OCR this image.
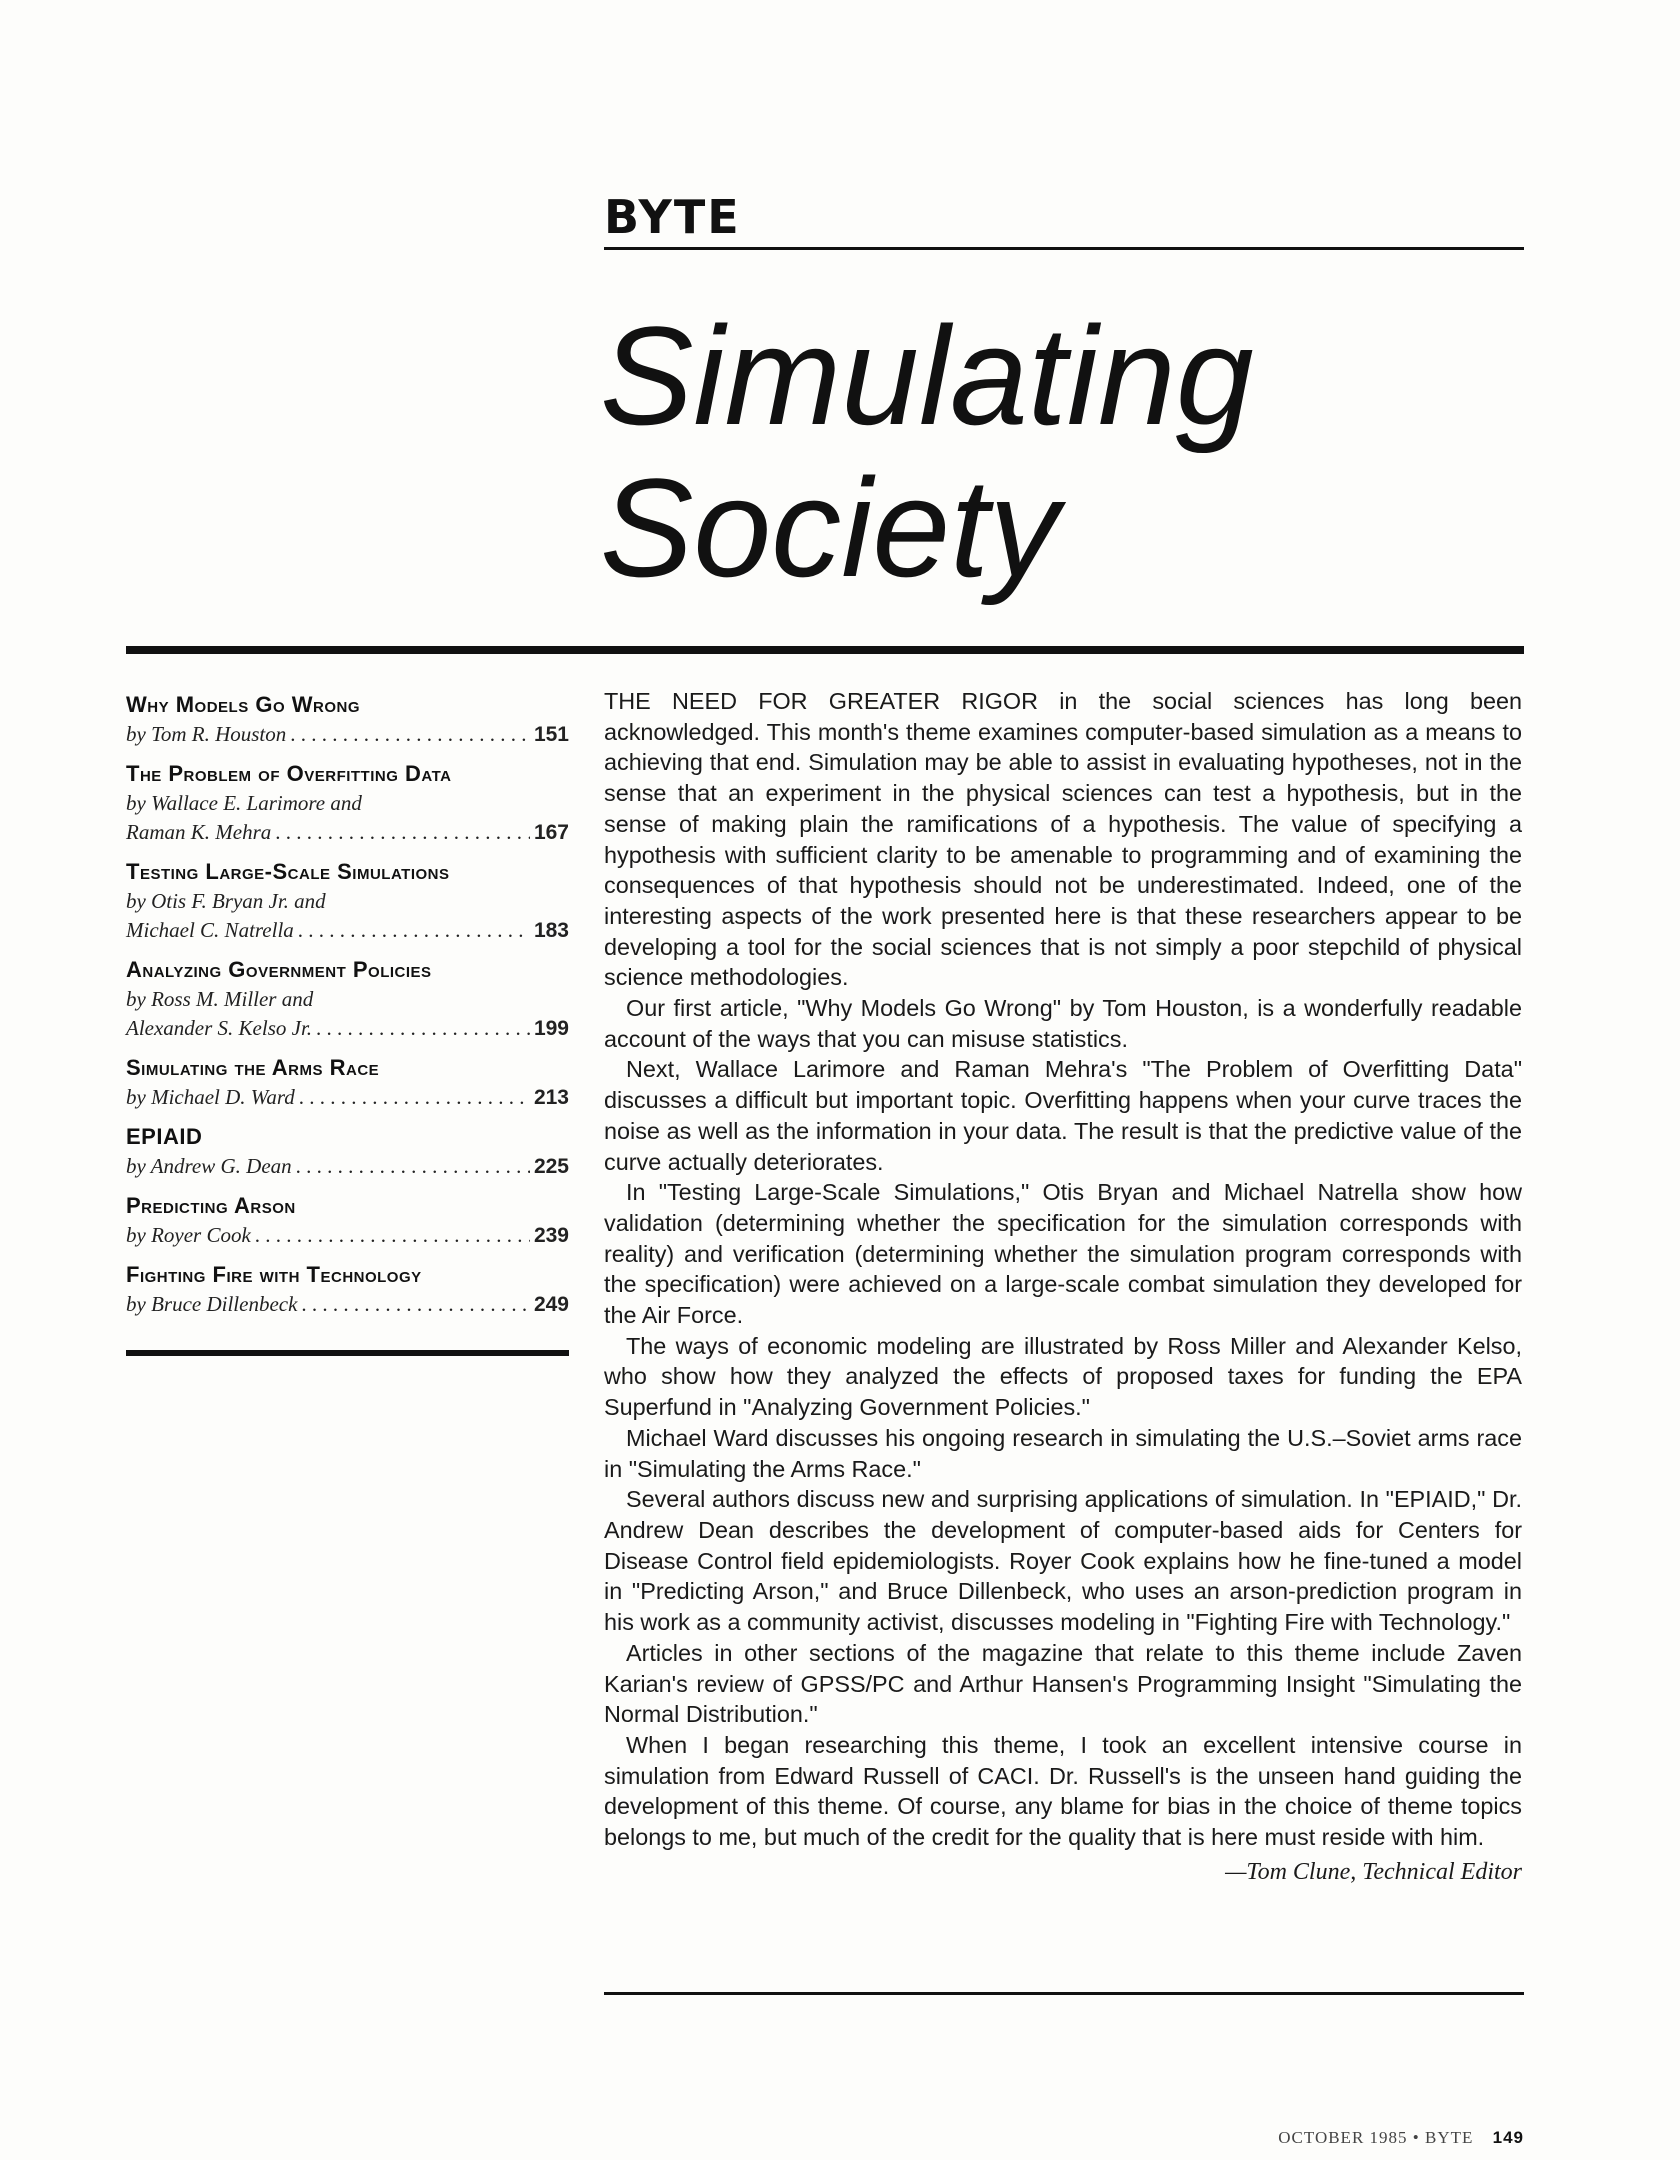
BYTE
Simulating
Society
Why Models Go Wrong
by Tom R. Houston . . .	151
The Problem of Overfitting Data
by Wallace E. Larimore and
Raman K. Mehra . . .	167
Testing Large-Scale Simulations
by Otis F. Bryan Jr. and
Michael C. Natrella . . .	183
Analyzing Government Policies
by Ross M. Miller and
Alexander S. Kelso Jr. . . .	199
Simulating the Arms Race
by Michael D. Ward . . .	213
EPIAID
by Andrew G. Dean . . .	225
Predicting Arson
by Royer Cook . . .	239
Fighting Fire with Technology
by Bruce Dillenbeck . . .	249

THE NEED FOR GREATER RIGOR in the social sciences has long been acknowledged. This month's theme examines computer-based simulation as a means to achieving that end. Simulation may be able to assist in evaluating hypotheses, not in the sense that an experiment in the physical sciences can test a hypothesis, but in the sense of making plain the ramifications of a hypothesis. The value of specifying a hypothesis with sufficient clarity to be amenable to programming and of examining the consequences of that hypothesis should not be underestimated. Indeed, one of the interesting aspects of the work presented here is that these researchers appear to be developing a tool for the social sciences that is not simply a poor stepchild of physical science methodologies.

Our first article, "Why Models Go Wrong" by Tom Houston, is a wonderfully readable account of the ways that you can misuse statistics.

Next, Wallace Larimore and Raman Mehra's "The Problem of Overfitting Data" discusses a difficult but important topic. Overfitting happens when your curve traces the noise as well as the information in your data. The result is that the predictive value of the curve actually deteriorates.

In "Testing Large-Scale Simulations," Otis Bryan and Michael Natrella show how validation (determining whether the specification for the simulation corresponds with reality) and verification (determining whether the simulation program corresponds with the specification) were achieved on a large-scale combat simulation they developed for the Air Force.

The ways of economic modeling are illustrated by Ross Miller and Alexander Kelso, who show how they analyzed the effects of proposed taxes for funding the EPA Superfund in "Analyzing Government Policies."

Michael Ward discusses his ongoing research in simulating the U.S.–Soviet arms race in "Simulating the Arms Race."

Several authors discuss new and surprising applications of simulation. In "EPIAID," Dr. Andrew Dean describes the development of computer-based aids for Centers for Disease Control field epidemiologists. Royer Cook explains how he fine-tuned a model in "Predicting Arson," and Bruce Dillenbeck, who uses an arson-prediction program in his work as a community activist, discusses modeling in "Fighting Fire with Technology."

Articles in other sections of the magazine that relate to this theme include Zaven Karian's review of GPSS/PC and Arthur Hansen's Programming Insight "Simulating the Normal Distribution."

When I began researching this theme, I took an excellent intensive course in simulation from Edward Russell of CACI. Dr. Russell's is the unseen hand guiding the development of this theme. Of course, any blame for bias in the choice of theme topics belongs to me, but much of the credit for the quality that is here must reside with him.

—Tom Clune, Technical Editor
OCTOBER 1985 • BYTE 149
